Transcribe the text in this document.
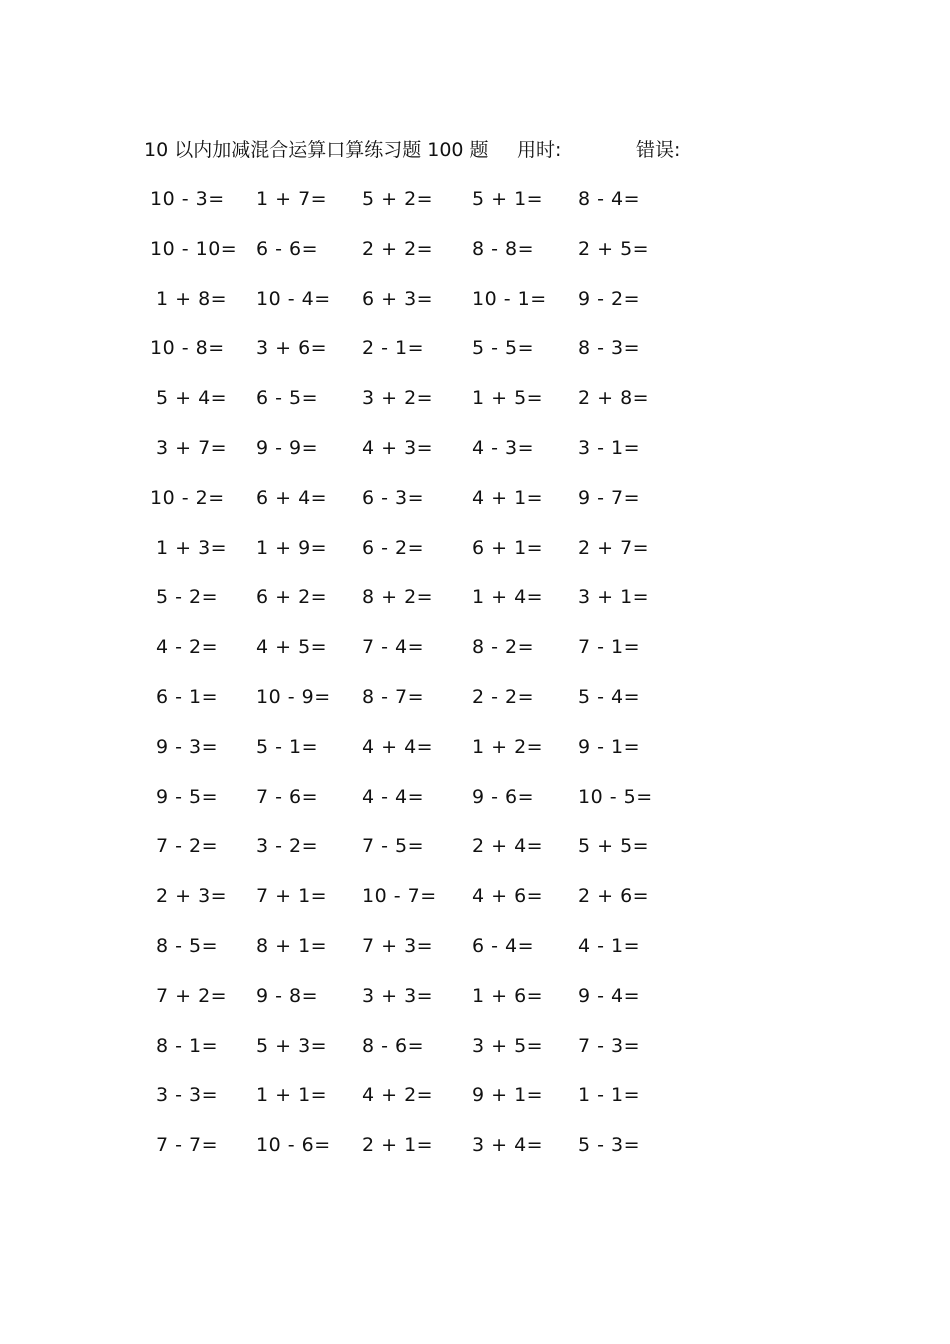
10 以内加减混合运算口算练习题 100 题 用时:	错误:
10 - 3= 1 + 7= 5 + 2= 5 + 1= 8 - 4=
10 - 10= 6 - 6= 2 + 2= 8 - 8= 2 + 5=
1 + 8= 10 - 4= 6 + 3= 10 - 1= 9 - 2=
10 - 8= 3 + 6= 2 - 1=	5 - 5= 8 - 3=
5 + 4= 6 - 5= 3 + 2= 1 + 5= 2 + 8=
3 + 7= 9 - 9= 4 + 3= 4 - 3= 3 - 1=
10 - 2= 6 + 4= 6 - 3=	4 + 1= 9 - 7=
1 + 3= 1 + 9= 6 - 2=	6 + 1= 2 + 7=
5 - 2= 6 + 2= 8 + 2= 1 + 4= 3 + 1=
4 - 2= 4 + 5= 7 - 4=	8 - 2= 7 - 1=
6 - 1= 10 - 9= 8 - 7=	2 - 2= 5 - 4=
9 - 3= 5 - 1= 4 + 4= 1 + 2= 9 - 1=
9 - 5= 7 - 6= 4 - 4=	9 - 6= 10 - 5=
7 - 2= 3 - 2= 7 - 5=	2 + 4= 5 + 5=
2 + 3= 7 + 1= 10 - 7= 4 + 6= 2 + 6=
8 - 5= 8 + 1= 7 + 3= 6 - 4= 4 - 1=
7 + 2= 9 - 8= 3 + 3= 1 + 6= 9 - 4=
8 - 1= 5 + 3= 8 - 6=	3 + 5= 7 - 3=
3 - 3= 1 + 1= 4 + 2= 9 + 1= 1 - 1=
7 - 7= 10 - 6= 2 + 1= 3 + 4= 5 - 3=
